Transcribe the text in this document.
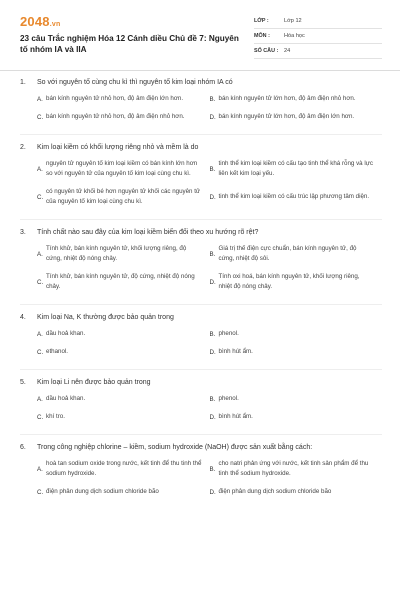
2048.vn
23 câu Trắc nghiệm Hóa 12 Cánh diều Chủ đề 7: Nguyên tố nhóm IA và IIA
LỚP :	Lớp 12
MÔN :	Hóa học
SỐ CÂU :	24
1.	So với nguyên tố cùng chu kì thì nguyên tố kim loại nhóm IA có
A. bán kính nguyên tử nhỏ hơn, độ âm điện lớn hơn.	B. bán kính nguyên tử lớn hơn, độ âm điện nhỏ hơn.
C. bán kính nguyên tử nhỏ hơn, độ âm điện nhỏ hơn.	D. bán kính nguyên tử lớn hơn, độ âm điện lớn hơn.
2.	Kim loại kiềm có khối lượng riêng nhỏ và mềm là do
A.
nguyên tử nguyên tố kim loại kiềm có bán kính lớn hơn so với nguyên tử của nguyên tố kim loại cùng chu kì.
B.
tinh thể kim loại kiềm có cấu tạo tinh thể khá rỗng và lực liên kết kim loại yếu.
C.
có nguyên tử khối bé hơn nguyên tử khối các nguyên tử của nguyên tố kim loại cùng chu kì.
D. tinh thể kim loại kiềm có cấu trúc lập phương tâm diện.
3.	Tính chất nào sau đây của kim loại kiềm biến đổi theo xu hướng rõ rệt?
A.
Tính khử, bán kính nguyên tử, khối lượng riêng, độ cứng, nhiệt độ nóng chảy.
B.
Giá trị thế điện cực chuẩn, bán kính nguyên tử, độ cứng, nhiệt độ sôi.
C.
Tính khử, bán kính nguyên tử, độ cứng, nhiệt độ nóng chảy.
D.
Tính oxi hoá, bán kính nguyên tử, khối lượng riêng, nhiệt độ nóng chảy.
4.	Kim loại Na, K thường được bảo quản trong
A. dầu hoả khan.	B. phenol.
C. ethanol.	D. bình hút ẩm.
5.	Kim loại Li nên được bảo quản trong
A. dầu hoả khan.	B. phenol.
C. khí tro.	D. bình hút ẩm.
6.	Trong công nghiệp chlorine – kiềm, sodium hydroxide (NaOH) được sản xuất bằng cách:
A.
hoà tan sodium oxide trong nước, kết tinh để thu tinh thể sodium hydroxide.
B.
cho natri phản ứng với nước, kết tinh sản phẩm để thu tinh thể sodium hydroxide.
C. điện phân dung dịch sodium chloride bão	D. điện phân dung dịch sodium chloride bão
